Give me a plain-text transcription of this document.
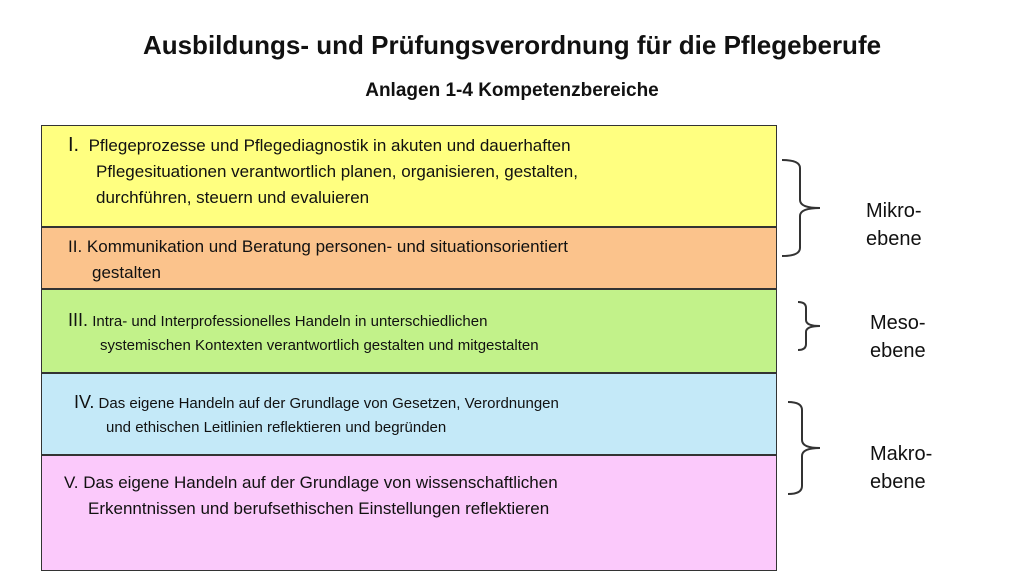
Ausbildungs- und Prüfungsverordnung für die Pflegeberufe
Anlagen 1-4 Kompetenzbereiche
I. Pflegeprozesse und Pflegediagnostik in akuten und dauerhaften
Pflegesituationen verantwortlich planen, organisieren, gestalten,
durchführen, steuern und evaluieren
II. Kommunikation und Beratung personen- und situationsorientiert
gestalten
III. Intra- und Interprofessionelles Handeln in unterschiedlichen
systemischen Kontexten verantwortlich gestalten und mitgestalten
IV. Das eigene Handeln auf der Grundlage von Gesetzen, Verordnungen
und ethischen Leitlinien reflektieren und begründen
V. Das eigene Handeln auf der Grundlage von wissenschaftlichen
Erkenntnissen und berufsethischen Einstellungen reflektieren
Mikro-
ebene
Meso-
ebene
Makro-
ebene
